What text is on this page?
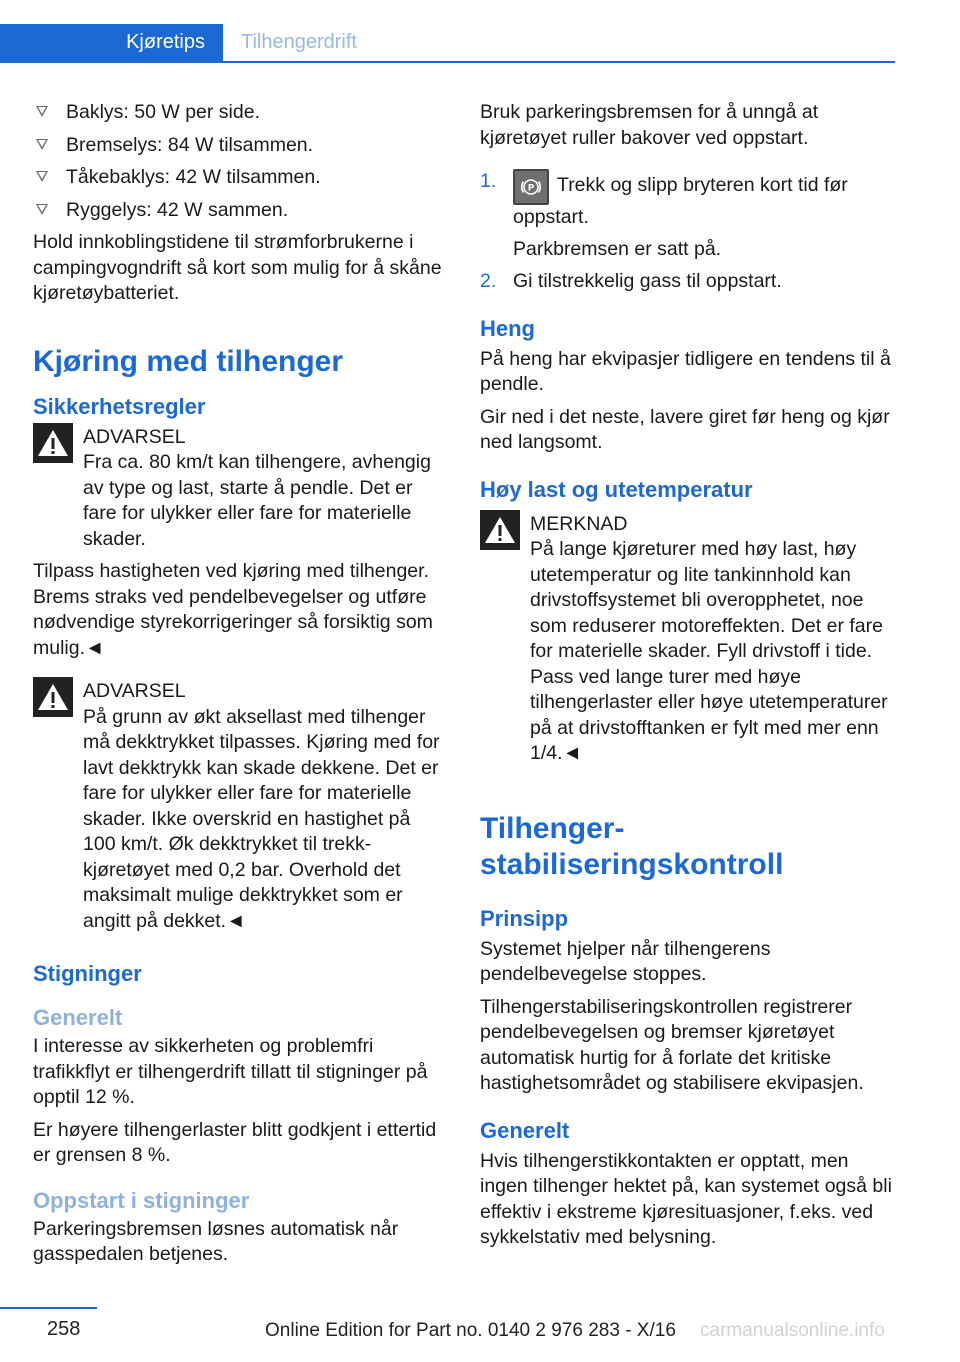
Kjøretips	Tilhengerdrift
Baklys: 50 W per side.
Bremselys: 84 W tilsammen.
Tåkebaklys: 42 W tilsammen.
Ryggelys: 42 W sammen.

Hold innkoblingstidene til strømforbrukerne i campingvogndrift så kort som mulig for å skåne kjøretøybatteriet.

Kjøring med tilhenger
Sikkerhetsregler
ADVARSEL

Fra ca. 80 km/t kan tilhengere, avhengig av type og last, starte å pendle. Det er fare for ulykker eller fare for materielle skader.

Tilpass hastigheten ved kjøring med tilhenger. Brems straks ved pendelbevegelser og utføre nødvendige styrekorrigeringer så forsiktig som mulig.◄

ADVARSEL

På grunn av økt aksellast med tilhenger må dekktrykket tilpasses. Kjøring med for lavt dekktrykk kan skade dekkene. Det er fare for ulykker eller fare for materielle skader. Ikke overskrid en hastighet på 100 km/t. Øk dekktrykket til trekk-kjøretøyet med 0,2 bar. Overhold det maksimalt mulige dekktrykket som er angitt på dekket.◄

Stigninger
Generelt

I interesse av sikkerheten og problemfri trafikkflyt er tilhengerdrift tillatt til stigninger på opptil 12 %.

Er høyere tilhengerlaster blitt godkjent i ettertid er grensen 8 %.

Oppstart i stigninger

Parkeringsbremsen løsnes automatisk når gasspedalen betjenes.

Bruk parkeringsbremsen for å unngå at kjøretøyet ruller bakover ved oppstart.

1.	P Trekk og slipp bryteren kort tid før oppstart.
Parkbremsen er satt på.
2. Gi tilstrekkelig gass til oppstart.
Heng

På heng har ekvipasjer tidligere en tendens til å pendle.

Gir ned i det neste, lavere giret før heng og kjør ned langsomt.

Høy last og utetemperatur
MERKNAD

På lange kjøreturer med høy last, høy utetemperatur og lite tankinnhold kan drivstoffsystemet bli overopphetet, noe som reduserer motoreffekten. Det er fare for materielle skader. Fyll drivstoff i tide. Pass ved lange turer med høye tilhengerlaster eller høye utetemperaturer på at drivstofftanken er fylt med mer enn 1/4.◄

Tilhenger-
stabiliseringskontroll
Prinsipp

Systemet hjelper når tilhengerens pendelbevegelse stoppes.

Tilhengerstabiliseringskontrollen registrerer pendelbevegelsen og bremser kjøretøyet automatisk hurtig for å forlate det kritiske hastighetsområdet og stabilisere ekvipasjen.

Generelt

Hvis tilhengerstikkontakten er opptatt, men ingen tilhenger hektet på, kan systemet også bli effektiv i ekstreme kjøresituasjoner, f.eks. ved sykkelstativ med belysning.

258	Online Edition for Part no. 0140 2 976 283 - X/16 carmanualsonline.info
